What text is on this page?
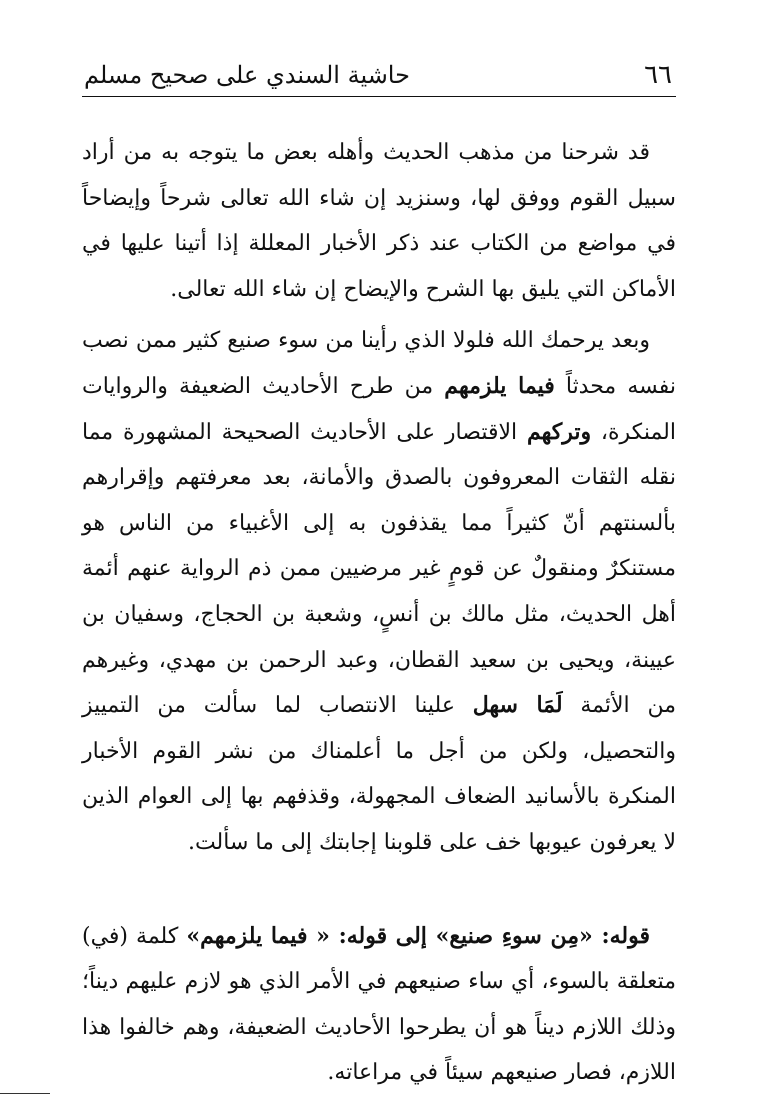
٦٦
حاشية السندي على صحيح مسلم

قد شرحنا من مذهب الحديث وأهله بعض ما يتوجه به من أراد سبيل القوم ووفق لها، وسنزيد إن شاء الله تعالى شرحاً وإيضاحاً في مواضع من الكتاب عند ذكر الأخبار المعللة إذا أتينا عليها في الأماكن التي يليق بها الشرح والإيضاح إن شاء الله تعالى.

وبعد يرحمك الله فلولا الذي رأينا من سوء صنيع كثير ممن نصب نفسه محدثاً فيما يلزمهم من طرح الأحاديث الضعيفة والروايات المنكرة، وتركهم الاقتصار على الأحاديث الصحيحة المشهورة مما نقله الثقات المعروفون بالصدق والأمانة، بعد معرفتهم وإقرارهم بألسنتهم أنّ كثيراً مما يقذفون به إلى الأغبياء من الناس هو مستنكرٌ ومنقولٌ عن قومٍ غير مرضيين ممن ذم الرواية عنهم أئمة أهل الحديث، مثل مالك بن أنسٍ، وشعبة بن الحجاج، وسفيان بن عيينة، ويحيى بن سعيد القطان، وعبد الرحمن بن مهدي، وغيرهم من الأئمة لَمَا سهل علينا الانتصاب لما سألت من التمييز والتحصيل، ولكن من أجل ما أعلمناك من نشر القوم الأخبار المنكرة بالأسانيد الضعاف المجهولة، وقذفهم بها إلى العوام الذين لا يعرفون عيوبها خف على قلوبنا إجابتك إلى ما سألت.

قوله: «مِن سوءِ صنيع» إلى قوله: « فيما يلزمهم» كلمة (في) متعلقة بالسوء، أي ساء صنيعهم في الأمر الذي هو لازم عليهم ديناً؛ وذلك اللازم ديناً هو أن يطرحوا الأحاديث الضعيفة، وهم خالفوا هذا اللازم، فصار صنيعهم سيئاً في مراعاته.
